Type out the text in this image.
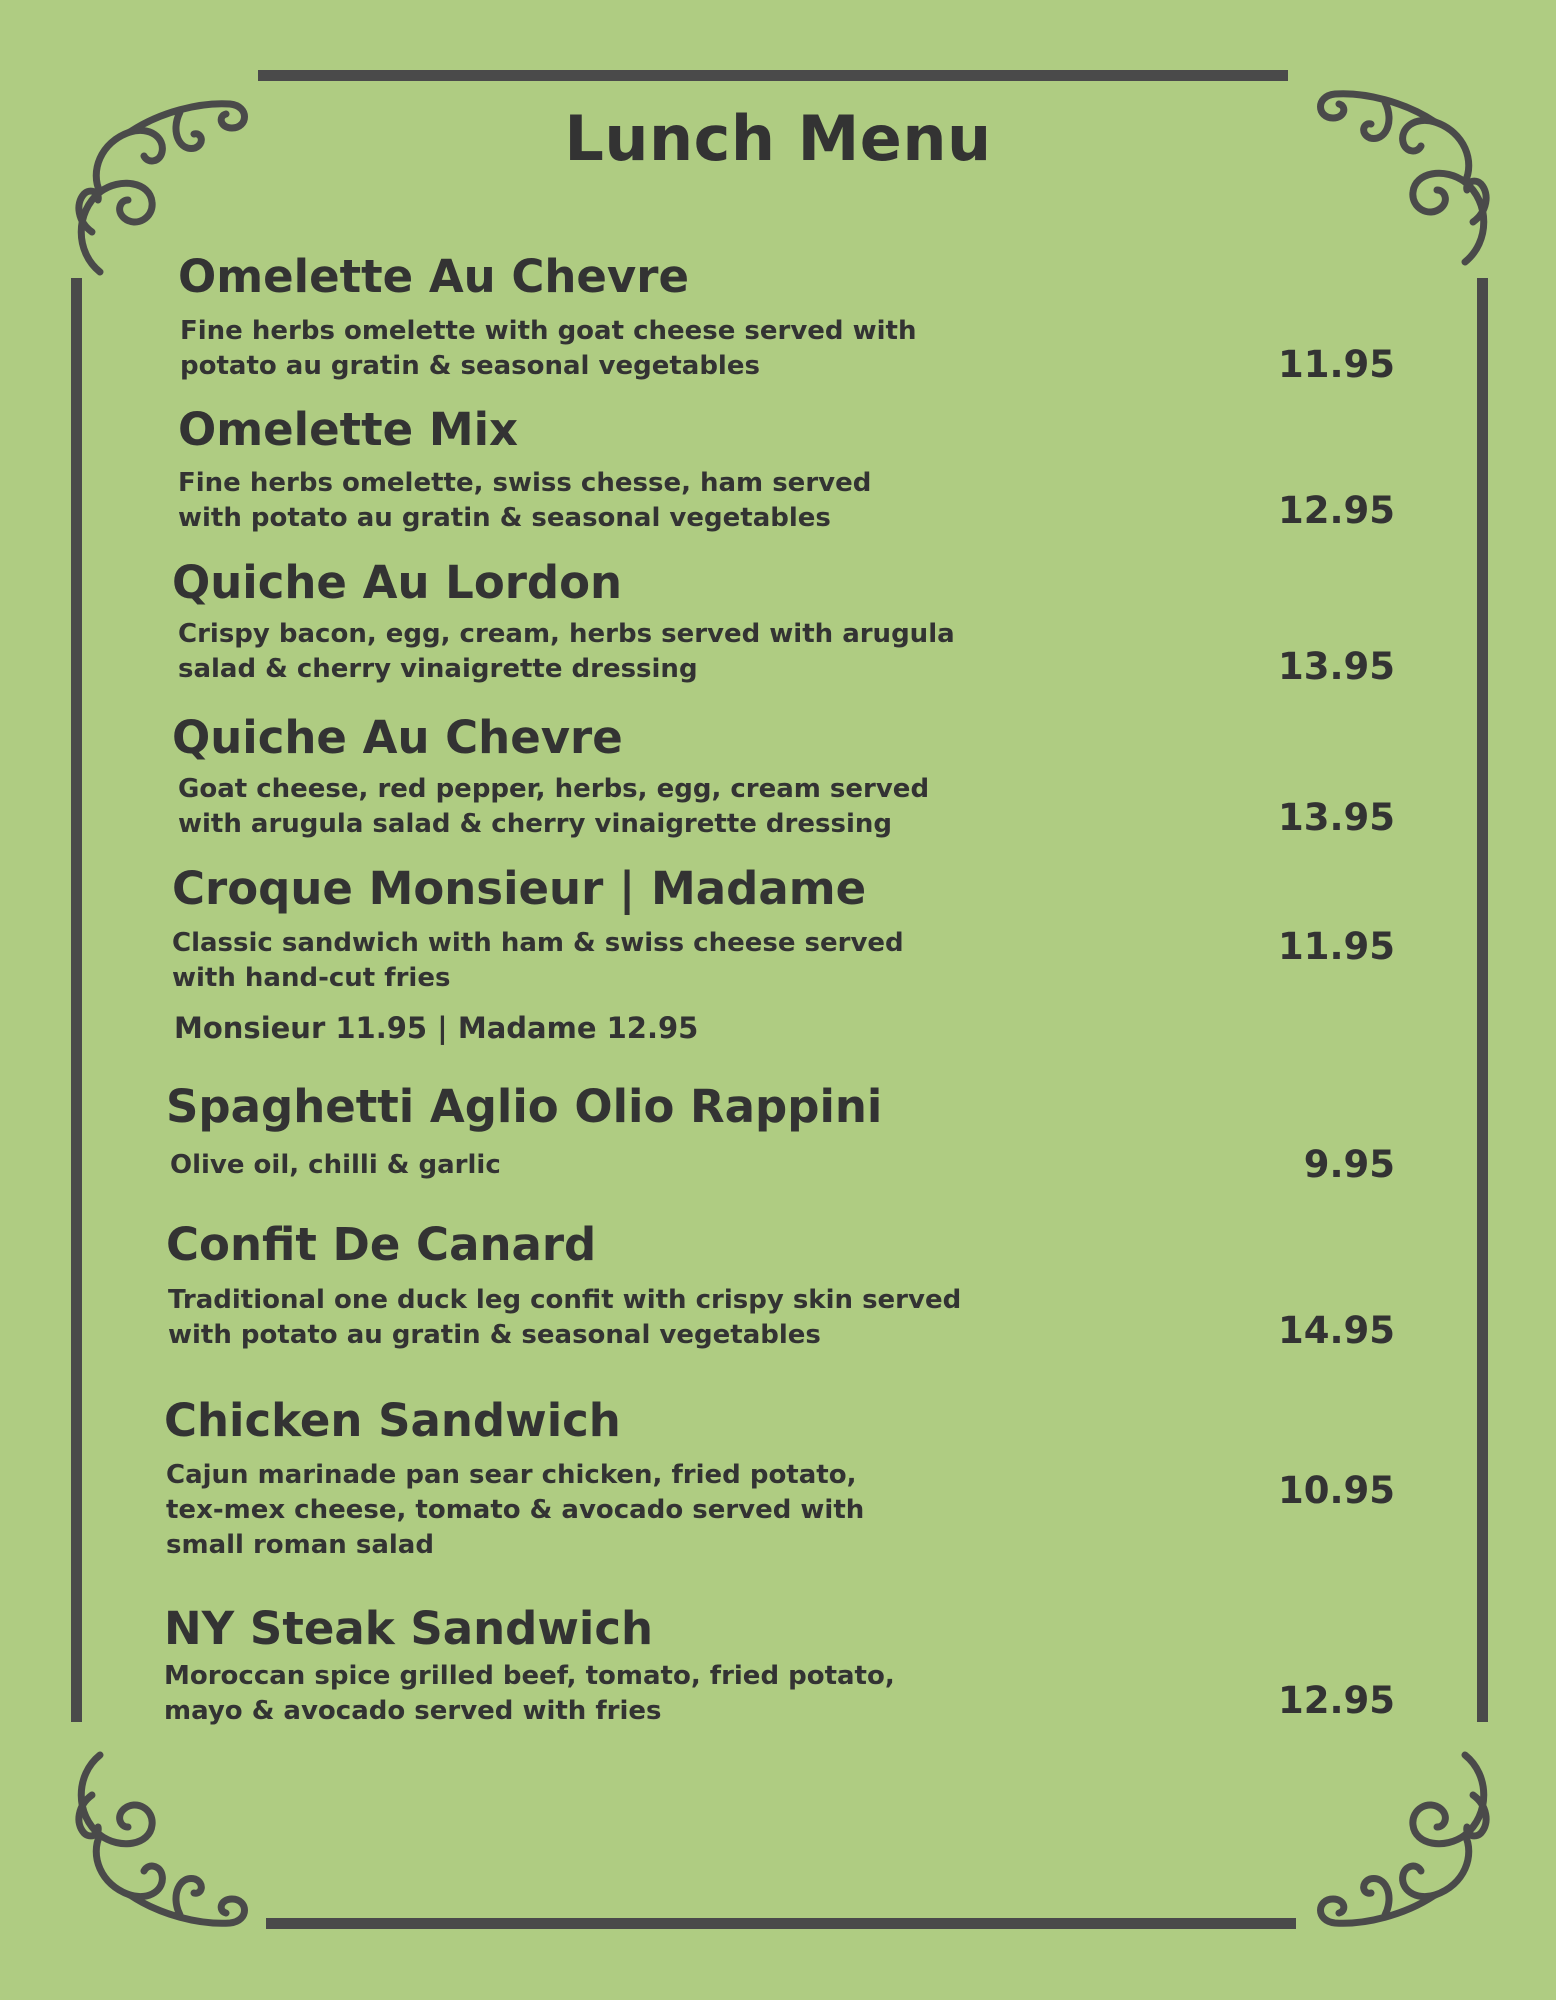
Lunch Menu
Omelette Au Chevre
Fine herbs omelette with goat cheese served with
potato au gratin & seasonal vegetables	11.95
Omelette Mix
Fine herbs omelette, swiss chesse, ham served
with potato au gratin & seasonal vegetables	12.95
Quiche Au Lordon
Crispy bacon, egg, cream, herbs served with arugula
salad & cherry vinaigrette dressing	13.95
Quiche Au Chevre
Goat cheese, red pepper, herbs, egg, cream served
with arugula salad & cherry vinaigrette dressing	13.95
Croque Monsieur | Madame
Classic sandwich with ham & swiss cheese served
with hand-cut fries
11.95
Monsieur 11.95 | Madame 12.95
Spaghetti Aglio Olio Rappini
Olive oil, chilli & garlic	9.95
Confit De Canard
Traditional one duck leg confit with crispy skin served
with potato au gratin & seasonal vegetables	14.95
Chicken Sandwich
Cajun marinade pan sear chicken, fried potato,
tex-mex cheese, tomato & avocado served with
small roman salad
10.95
NY Steak Sandwich
Moroccan spice grilled beef, tomato, fried potato,
mayo & avocado served with fries	12.95
